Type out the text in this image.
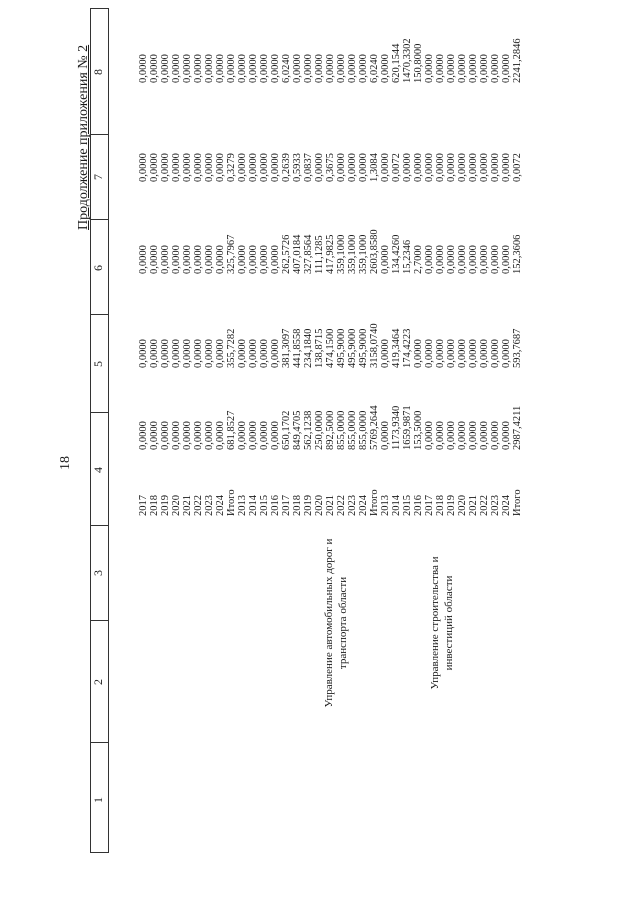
18
Продолжение приложения № 2
1
2
3
4
5
6
7
8
Управление автомобильных дорог и транспорта области	Управление строительства и инвестиций области
2017
0,0000
0,0000
0,0000
0,0000
0,0000
2018
0,0000
0,0000
0,0000
0,0000
0,0000
2019
0,0000
0,0000
0,0000
0,0000
0,0000
2020
0,0000
0,0000
0,0000
0,0000
0,0000
2021
0,0000
0,0000
0,0000
0,0000
0,0000
2022
0,0000
0,0000
0,0000
0,0000
0,0000
2023
0,0000
0,0000
0,0000
0,0000
0,0000
2024
0,0000
0,0000
0,0000
0,0000
0,0000
Итого
681,8527
355,7282
325,7967
0,3279
0,0000
2013
0,0000
0,0000
0,0000
0,0000
0,0000
2014
0,0000
0,0000
0,0000
0,0000
0,0000
2015
0,0000
0,0000
0,0000
0,0000
0,0000
2016
0,0000
0,0000
0,0000
0,0000
0,0000
2017
650,1702
381,3097
262,5726
0,2639
6,0240
2018
849,4705
441,8558
407,0184
0,5933
0,0000
2019
562,1238
234,1840
327,8564
0,0837
0,0000
2020
250,0000
138,8715
111,1285
0,0000
0,0000
2021
892,5000
474,1500
417,9825
0,3675
0,0000
2022
855,0000
495,9000
359,1000
0,0000
0,0000
2023
855,0000
495,9000
359,1000
0,0000
0,0000
2024
855,0000
495,9000
359,1000
0,0000
0,0000
Итого
5769,2644
3158,0740
2603,8580
1,3084
6,0240
2013
0,0000
0,0000
0,0000
0,0000
0,0000
2014
1173,9340
419,3464
134,4260
0,0072
620,1544
2015
1659,9871
174,4223
15,2346
0,0000
1470,3302
2016
153,5000
0,0000
2,7000
0,0000
150,8000
2017
0,0000
0,0000
0,0000
0,0000
0,0000
2018
0,0000
0,0000
0,0000
0,0000
0,0000
2019
0,0000
0,0000
0,0000
0,0000
0,0000
2020
0,0000
0,0000
0,0000
0,0000
0,0000
2021
0,0000
0,0000
0,0000
0,0000
0,0000
2022
0,0000
0,0000
0,0000
0,0000
0,0000
2023
0,0000
0,0000
0,0000
0,0000
0,0000
2024
0,0000
0,0000
0,0000
0,0000
0,0000
Итого
2987,4211
593,7687
152,3606
0,0072
2241,2846
